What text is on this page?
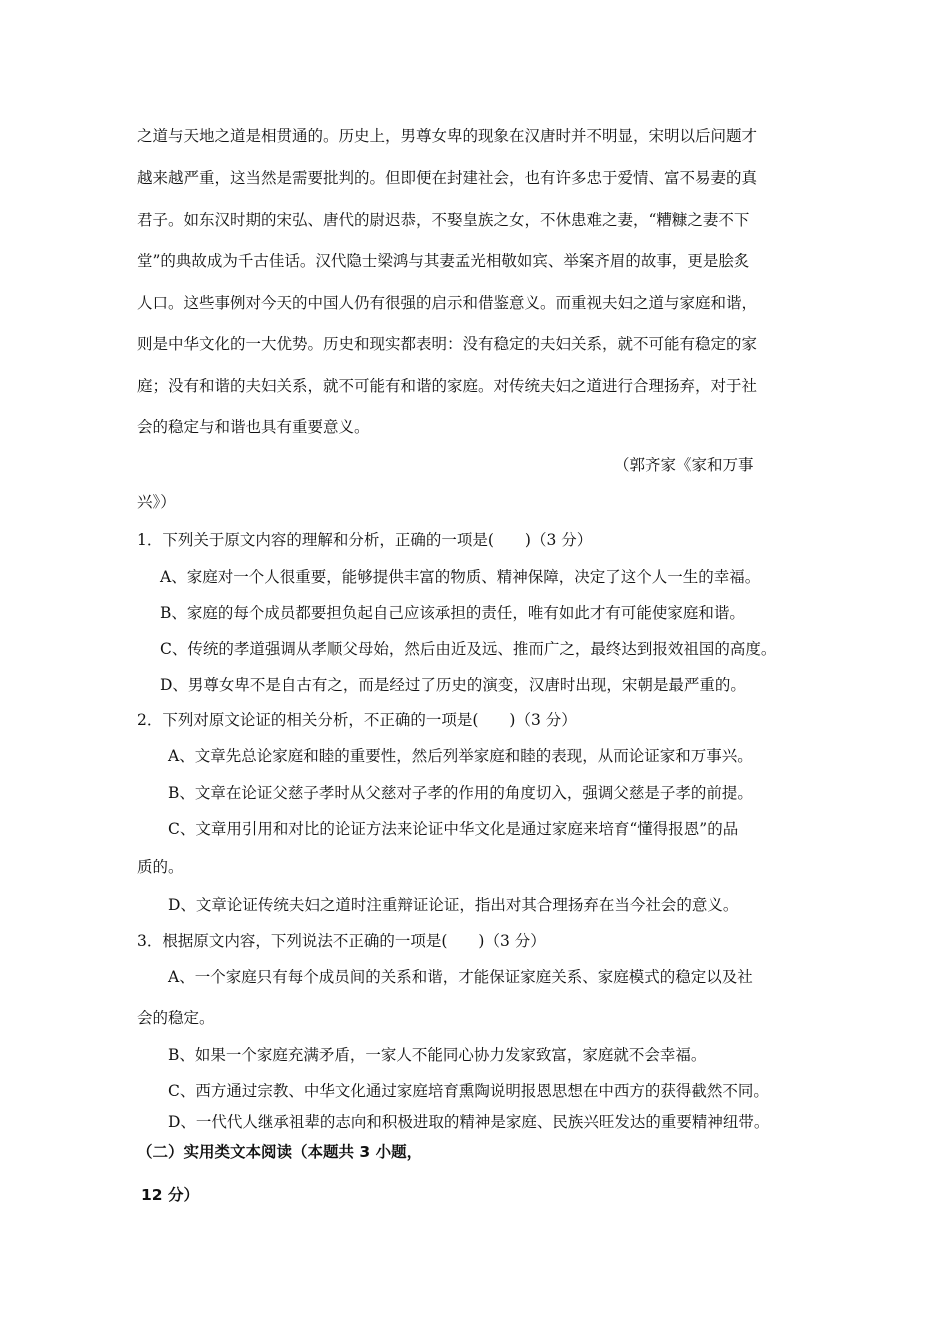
之道与天地之道是相贯通的。历史上，男尊女卑的现象在汉唐时并不明显，宋明以后问题才
越来越严重，这当然是需要批判的。但即便在封建社会，也有许多忠于爱情、富不易妻的真
君子。如东汉时期的宋弘、唐代的尉迟恭，不娶皇族之女，不休患难之妻，“糟糠之妻不下
堂”的典故成为千古佳话。汉代隐士梁鸿与其妻孟光相敬如宾、举案齐眉的故事，更是脍炙
人口。这些事例对今天的中国人仍有很强的启示和借鉴意义。而重视夫妇之道与家庭和谐，
则是中华文化的一大优势。历史和现实都表明：没有稳定的夫妇关系，就不可能有稳定的家
庭；没有和谐的夫妇关系，就不可能有和谐的家庭。对传统夫妇之道进行合理扬弃，对于社
会的稳定与和谐也具有重要意义。
（郭齐家《家和万事
兴》）
1．下列关于原文内容的理解和分析，正确的一项是(　　)（3 分）
A、家庭对一个人很重要，能够提供丰富的物质、精神保障，决定了这个人一生的幸福。
B、家庭的每个成员都要担负起自己应该承担的责任，唯有如此才有可能使家庭和谐。
C、传统的孝道强调从孝顺父母始，然后由近及远、推而广之，最终达到报效祖国的高度。
D、男尊女卑不是自古有之，而是经过了历史的演变，汉唐时出现，宋朝是最严重的。
2．下列对原文论证的相关分析，不正确的一项是(　　)（3 分）
A、文章先总论家庭和睦的重要性，然后列举家庭和睦的表现，从而论证家和万事兴。
B、文章在论证父慈子孝时从父慈对子孝的作用的角度切入，强调父慈是子孝的前提。
C、文章用引用和对比的论证方法来论证中华文化是通过家庭来培育“懂得报恩”的品
质的。
D、文章论证传统夫妇之道时注重辩证论证，指出对其合理扬弃在当今社会的意义。
3．根据原文内容，下列说法不正确的一项是(　　)（3 分）
A、一个家庭只有每个成员间的关系和谐，才能保证家庭关系、家庭模式的稳定以及社
会的稳定。
B、如果一个家庭充满矛盾，一家人不能同心协力发家致富，家庭就不会幸福。
C、西方通过宗教、中华文化通过家庭培育熏陶说明报恩思想在中西方的获得截然不同。
D、一代代人继承祖辈的志向和积极进取的精神是家庭、民族兴旺发达的重要精神纽带。
（二）实用类文本阅读（本题共 3 小题，
12 分）
